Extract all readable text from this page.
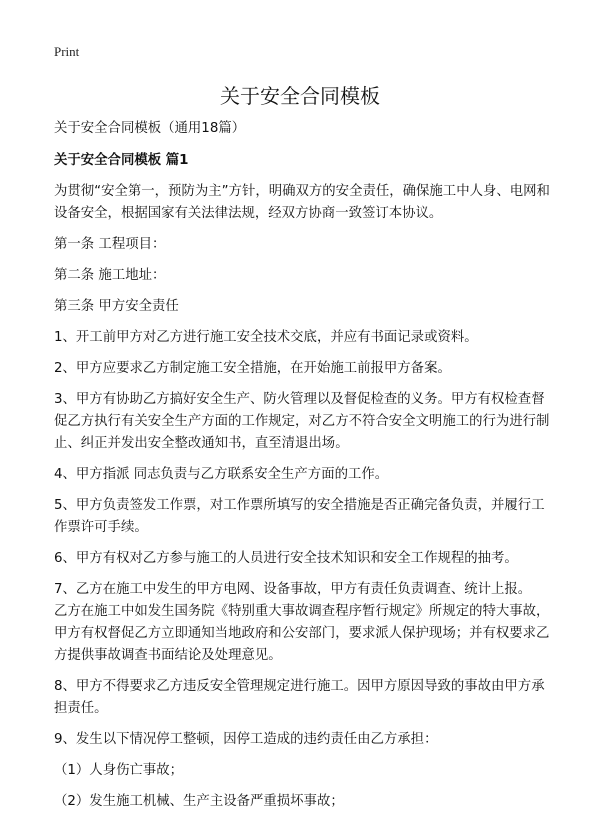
Print
关于安全合同模板

关于安全合同模板（通用18篇）

关于安全合同模板 篇1

为贯彻“安全第一，预防为主”方针，明确双方的安全责任，确保施工中人身、电网和设备安全，根据国家有关法律法规，经双方协商一致签订本协议。

第一条 工程项目：

第二条 施工地址：

第三条 甲方安全责任

1、开工前甲方对乙方进行施工安全技术交底，并应有书面记录或资料。

2、甲方应要求乙方制定施工安全措施，在开始施工前报甲方备案。

3、甲方有协助乙方搞好安全生产、防火管理以及督促检查的义务。甲方有权检查督促乙方执行有关安全生产方面的工作规定，对乙方不符合安全文明施工的行为进行制止、纠正并发出安全整改通知书，直至清退出场。

4、甲方指派 同志负责与乙方联系安全生产方面的工作。

5、甲方负责签发工作票，对工作票所填写的安全措施是否正确完备负责，并履行工作票许可手续。

6、甲方有权对乙方参与施工的人员进行安全技术知识和安全工作规程的抽考。

7、乙方在施工中发生的甲方电网、设备事故，甲方有责任负责调查、统计上报。

乙方在施工中如发生国务院《特别重大事故调查程序暂行规定》所规定的特大事故，甲方有权督促乙方立即通知当地政府和公安部门，要求派人保护现场；并有权要求乙方提供事故调查书面结论及处理意见。

8、甲方不得要求乙方违反安全管理规定进行施工。因甲方原因导致的事故由甲方承担责任。

9、发生以下情况停工整顿，因停工造成的违约责任由乙方承担：

（1）人身伤亡事故；

（2）发生施工机械、生产主设备严重损坏事故；
